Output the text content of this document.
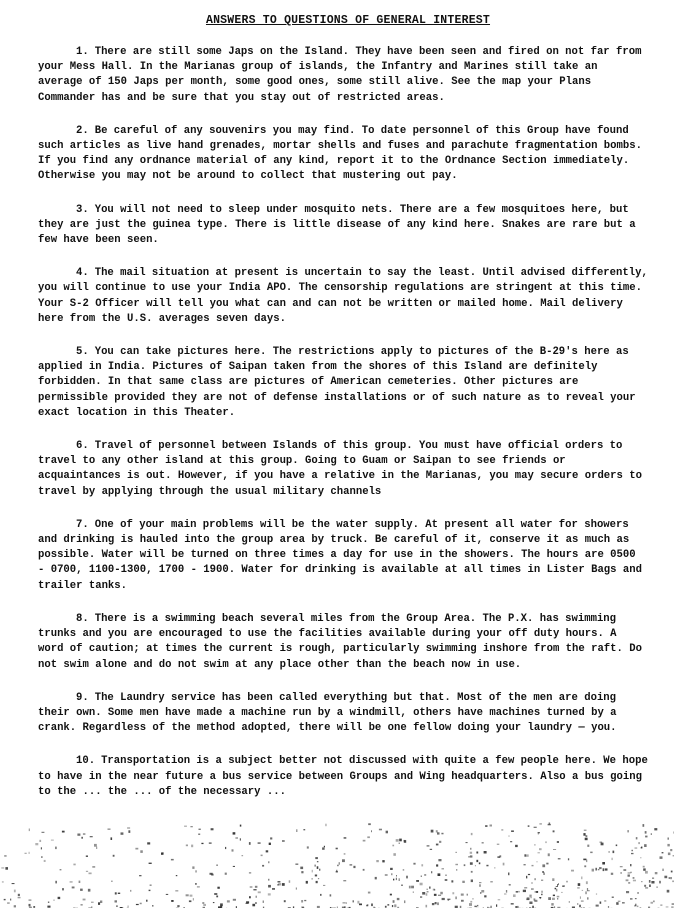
ANSWERS TO QUESTIONS OF GENERAL INTEREST
1. There are still some Japs on the Island. They have been seen and fired on not far from your Mess Hall. In the Marianas group of islands, the Infantry and Marines still take an average of 150 Japs per month, some good ones, some still alive. See the map your Plans Commander has and be sure that you stay out of restricted areas.
2. Be careful of any souvenirs you may find. To date personnel of this Group have found such articles as live hand grenades, mortar shells and fuses and parachute fragmentation bombs. If you find any ordnance material of any kind, report it to the Ordnance Section immediately. Otherwise you may not be around to collect that mustering out pay.
3. You will not need to sleep under mosquito nets. There are a few mosquitoes here, but they are just the guinea type. There is little disease of any kind here. Snakes are rare but a few have been seen.
4. The mail situation at present is uncertain to say the least. Until advised differently, you will continue to use your India APO. The censorship regulations are stringent at this time. Your S-2 Officer will tell you what can and can not be written or mailed home. Mail delivery here from the U.S. averages seven days.
5. You can take pictures here. The restrictions apply to pictures of the B-29's here as applied in India. Pictures of Saipan taken from the shores of this Island are definitely forbidden. In that same class are pictures of American cemeteries. Other pictures are permissible provided they are not of defense installations or of such nature as to reveal your exact location in this Theater.
6. Travel of personnel between Islands of this group. You must have official orders to travel to any other island at this group. Going to Guam or Saipan to see friends or acquaintances is out. However, if you have a relative in the Marianas, you may secure orders to travel by applying through the usual military channels
7. One of your main problems will be the water supply. At present all water for showers and drinking is hauled into the group area by truck. Be careful of it, conserve it as much as possible. Water will be turned on three times a day for use in the showers. The hours are 0500 - 0700, 1100-1300, 1700 - 1900. Water for drinking is available at all times in Lister Bags and trailer tanks.
8. There is a swimming beach several miles from the Group Area. The P.X. has swimming trunks and you are encouraged to use the facilities available during your off duty hours. A word of caution; at times the current is rough, particularly swimming inshore from the raft. Do not swim alone and do not swim at any place other than the beach now in use.
9. The Laundry service has been called everything but that. Most of the men are doing their own. Some men have made a machine run by a windmill, others have machines turned by a crank. Regardless of the method adopted, there will be one fellow doing your laundry — you.
10. Transportation is a subject better not discussed with quite a few people here. We hope to have in the near future a bus service between Groups and Wing headquarters. Also a bus going to the ... the ... of the necessary ...
